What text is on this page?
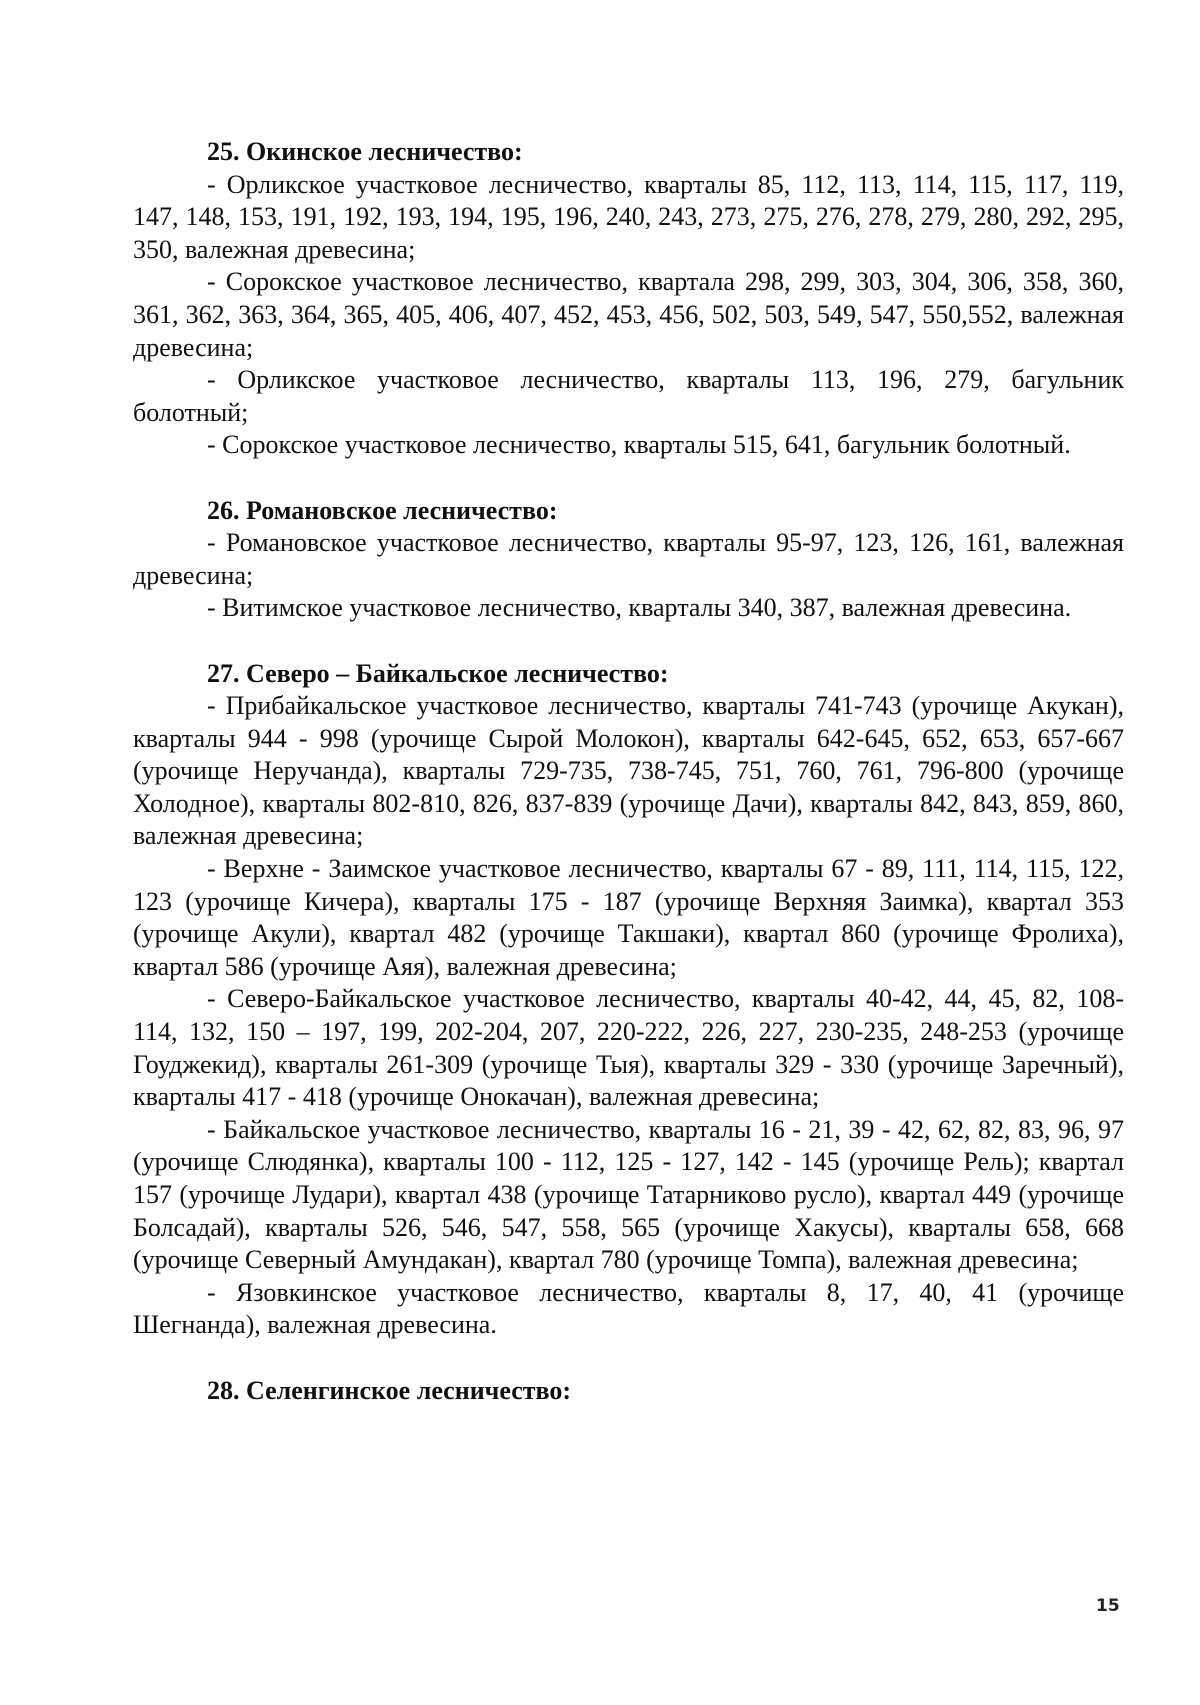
25. Окинское лесничество:

- Орликское участковое лесничество, кварталы 85, 112, 113, 114, 115, 117, 119, 147, 148, 153, 191, 192, 193, 194, 195, 196, 240, 243, 273, 275, 276, 278, 279, 280, 292, 295, 350, валежная древесина;

- Сорокское участковое лесничество, квартала 298, 299, 303, 304, 306, 358, 360, 361, 362, 363, 364, 365, 405, 406, 407, 452, 453, 456, 502, 503, 549, 547, 550,552, валежная древесина;

- Орликское участковое лесничество, кварталы 113, 196, 279, багульник болотный;

- Сорокское участковое лесничество, кварталы 515, 641, багульник болотный.

26. Романовское лесничество:

- Романовское участковое лесничество, кварталы 95-97, 123, 126, 161, валежная древесина;

- Витимское участковое лесничество, кварталы 340, 387, валежная древесина.

27. Северо – Байкальское лесничество:

- Прибайкальское участковое лесничество, кварталы 741-743 (урочище Акукан), кварталы 944 - 998 (урочище Сырой Молокон), кварталы 642-645, 652, 653, 657-667 (урочище Неручанда), кварталы 729-735, 738-745, 751, 760, 761, 796-800 (урочище Холодное), кварталы 802-810, 826, 837-839 (урочище Дачи), кварталы 842, 843, 859, 860, валежная древесина;

- Верхне - Заимское участковое лесничество, кварталы 67 - 89, 111, 114, 115, 122, 123 (урочище Кичера), кварталы 175 - 187 (урочище Верхняя Заимка), квартал 353 (урочище Акули), квартал 482 (урочище Такшаки), квартал 860 (урочище Фролиха), квартал 586 (урочище Аяя), валежная древесина;

- Северо-Байкальское участковое лесничество, кварталы 40-42, 44, 45, 82, 108-114, 132, 150 – 197, 199, 202-204, 207, 220-222, 226, 227, 230-235, 248-253 (урочище Гоуджекид), кварталы 261-309 (урочище Тыя), кварталы 329 - 330 (урочище Заречный), кварталы 417 - 418 (урочище Онокачан), валежная древесина;

- Байкальское участковое лесничество, кварталы 16 - 21, 39 - 42, 62, 82, 83, 96, 97 (урочище Слюдянка), кварталы 100 - 112, 125 - 127, 142 - 145 (урочище Рель); квартал 157 (урочище Лудари), квартал 438 (урочище Татарниково русло), квартал 449 (урочище Болсадай), кварталы 526, 546, 547, 558, 565 (урочище Хакусы), кварталы 658, 668 (урочище Северный Амундакан), квартал 780 (урочище Томпа), валежная древесина;

- Язовкинское участковое лесничество, кварталы 8, 17, 40, 41 (урочище Шегнанда), валежная древесина.

28. Селенгинское лесничество:

15
